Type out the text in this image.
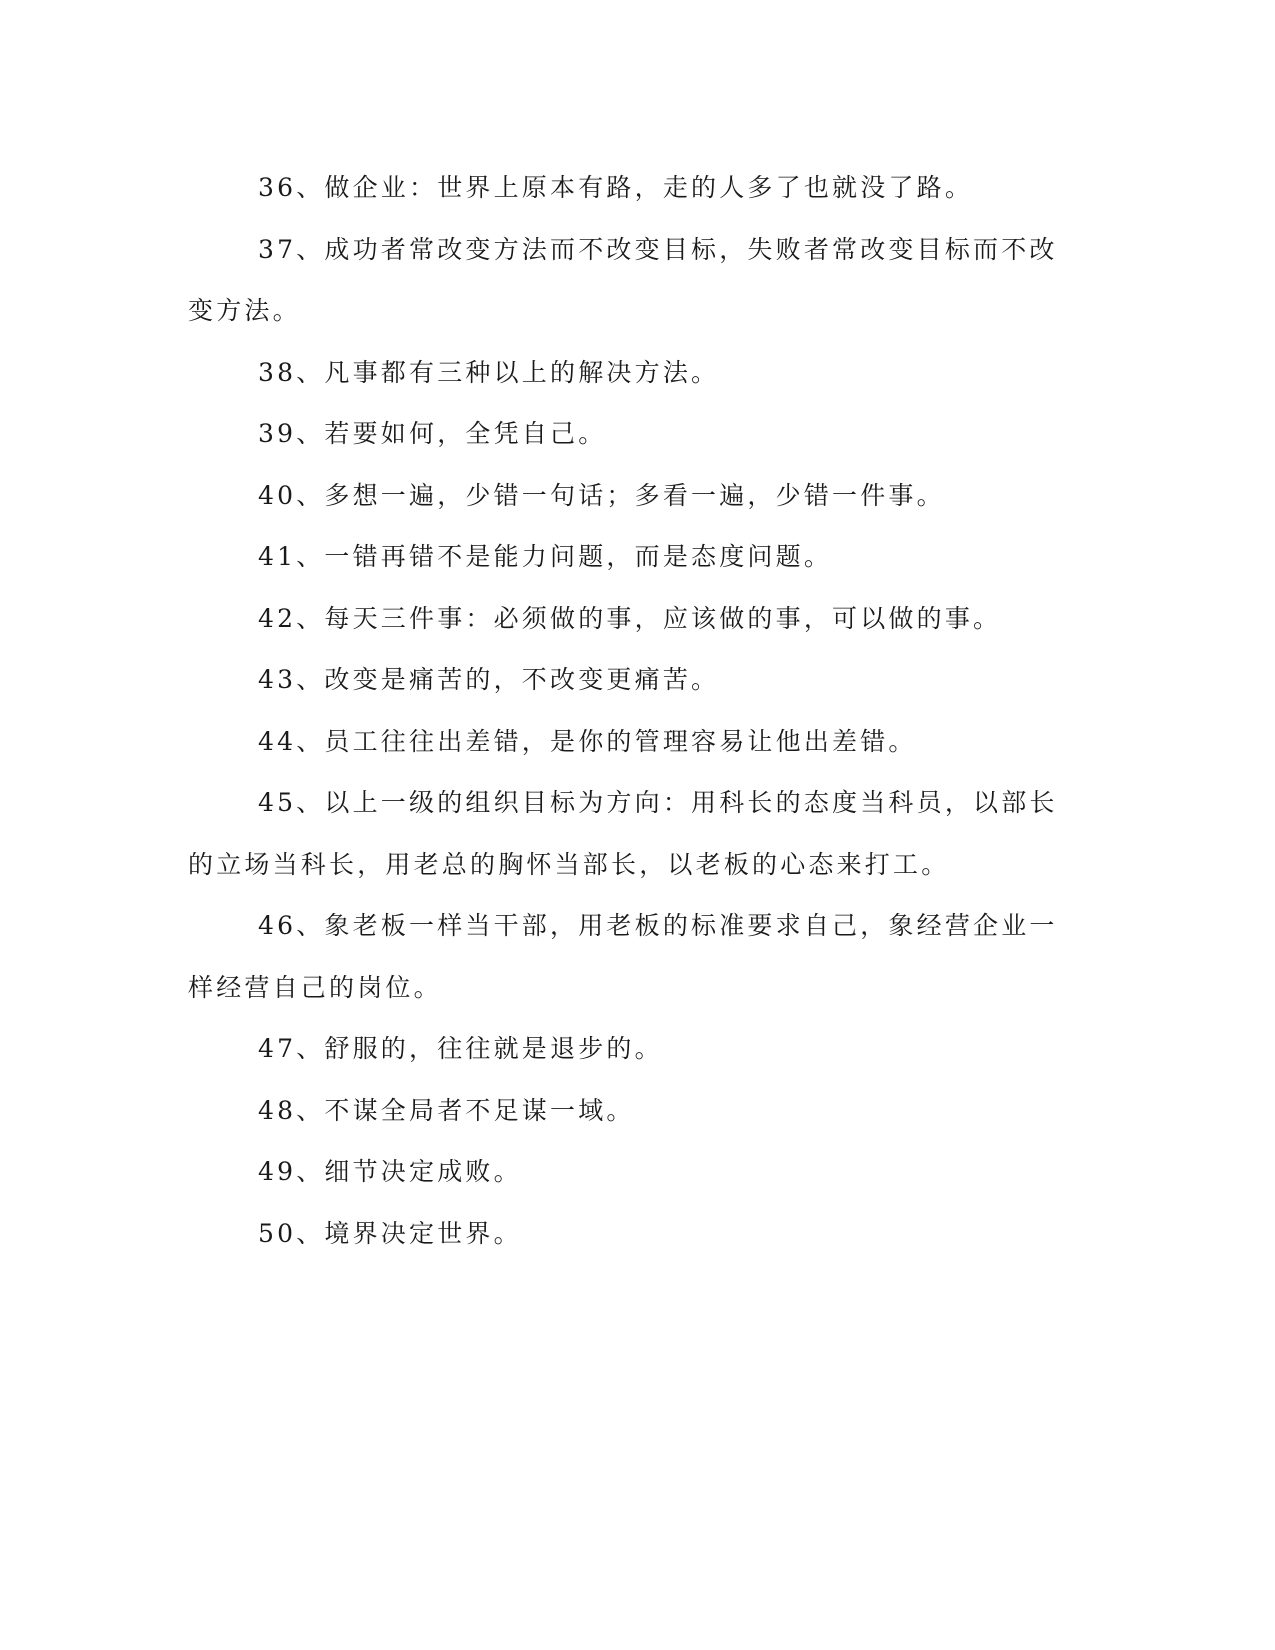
36、做企业：世界上原本有路，走的人多了也就没了路。

37、成功者常改变方法而不改变目标，失败者常改变目标而不改变方法。

38、凡事都有三种以上的解决方法。

39、若要如何，全凭自己。

40、多想一遍，少错一句话；多看一遍，少错一件事。

41、一错再错不是能力问题，而是态度问题。

42、每天三件事：必须做的事，应该做的事，可以做的事。

43、改变是痛苦的，不改变更痛苦。

44、员工往往出差错，是你的管理容易让他出差错。

45、以上一级的组织目标为方向：用科长的态度当科员，以部长的立场当科长，用老总的胸怀当部长，以老板的心态来打工。

46、象老板一样当干部，用老板的标准要求自己，象经营企业一样经营自己的岗位。

47、舒服的，往往就是退步的。

48、不谋全局者不足谋一域。

49、细节决定成败。

50、境界决定世界。
